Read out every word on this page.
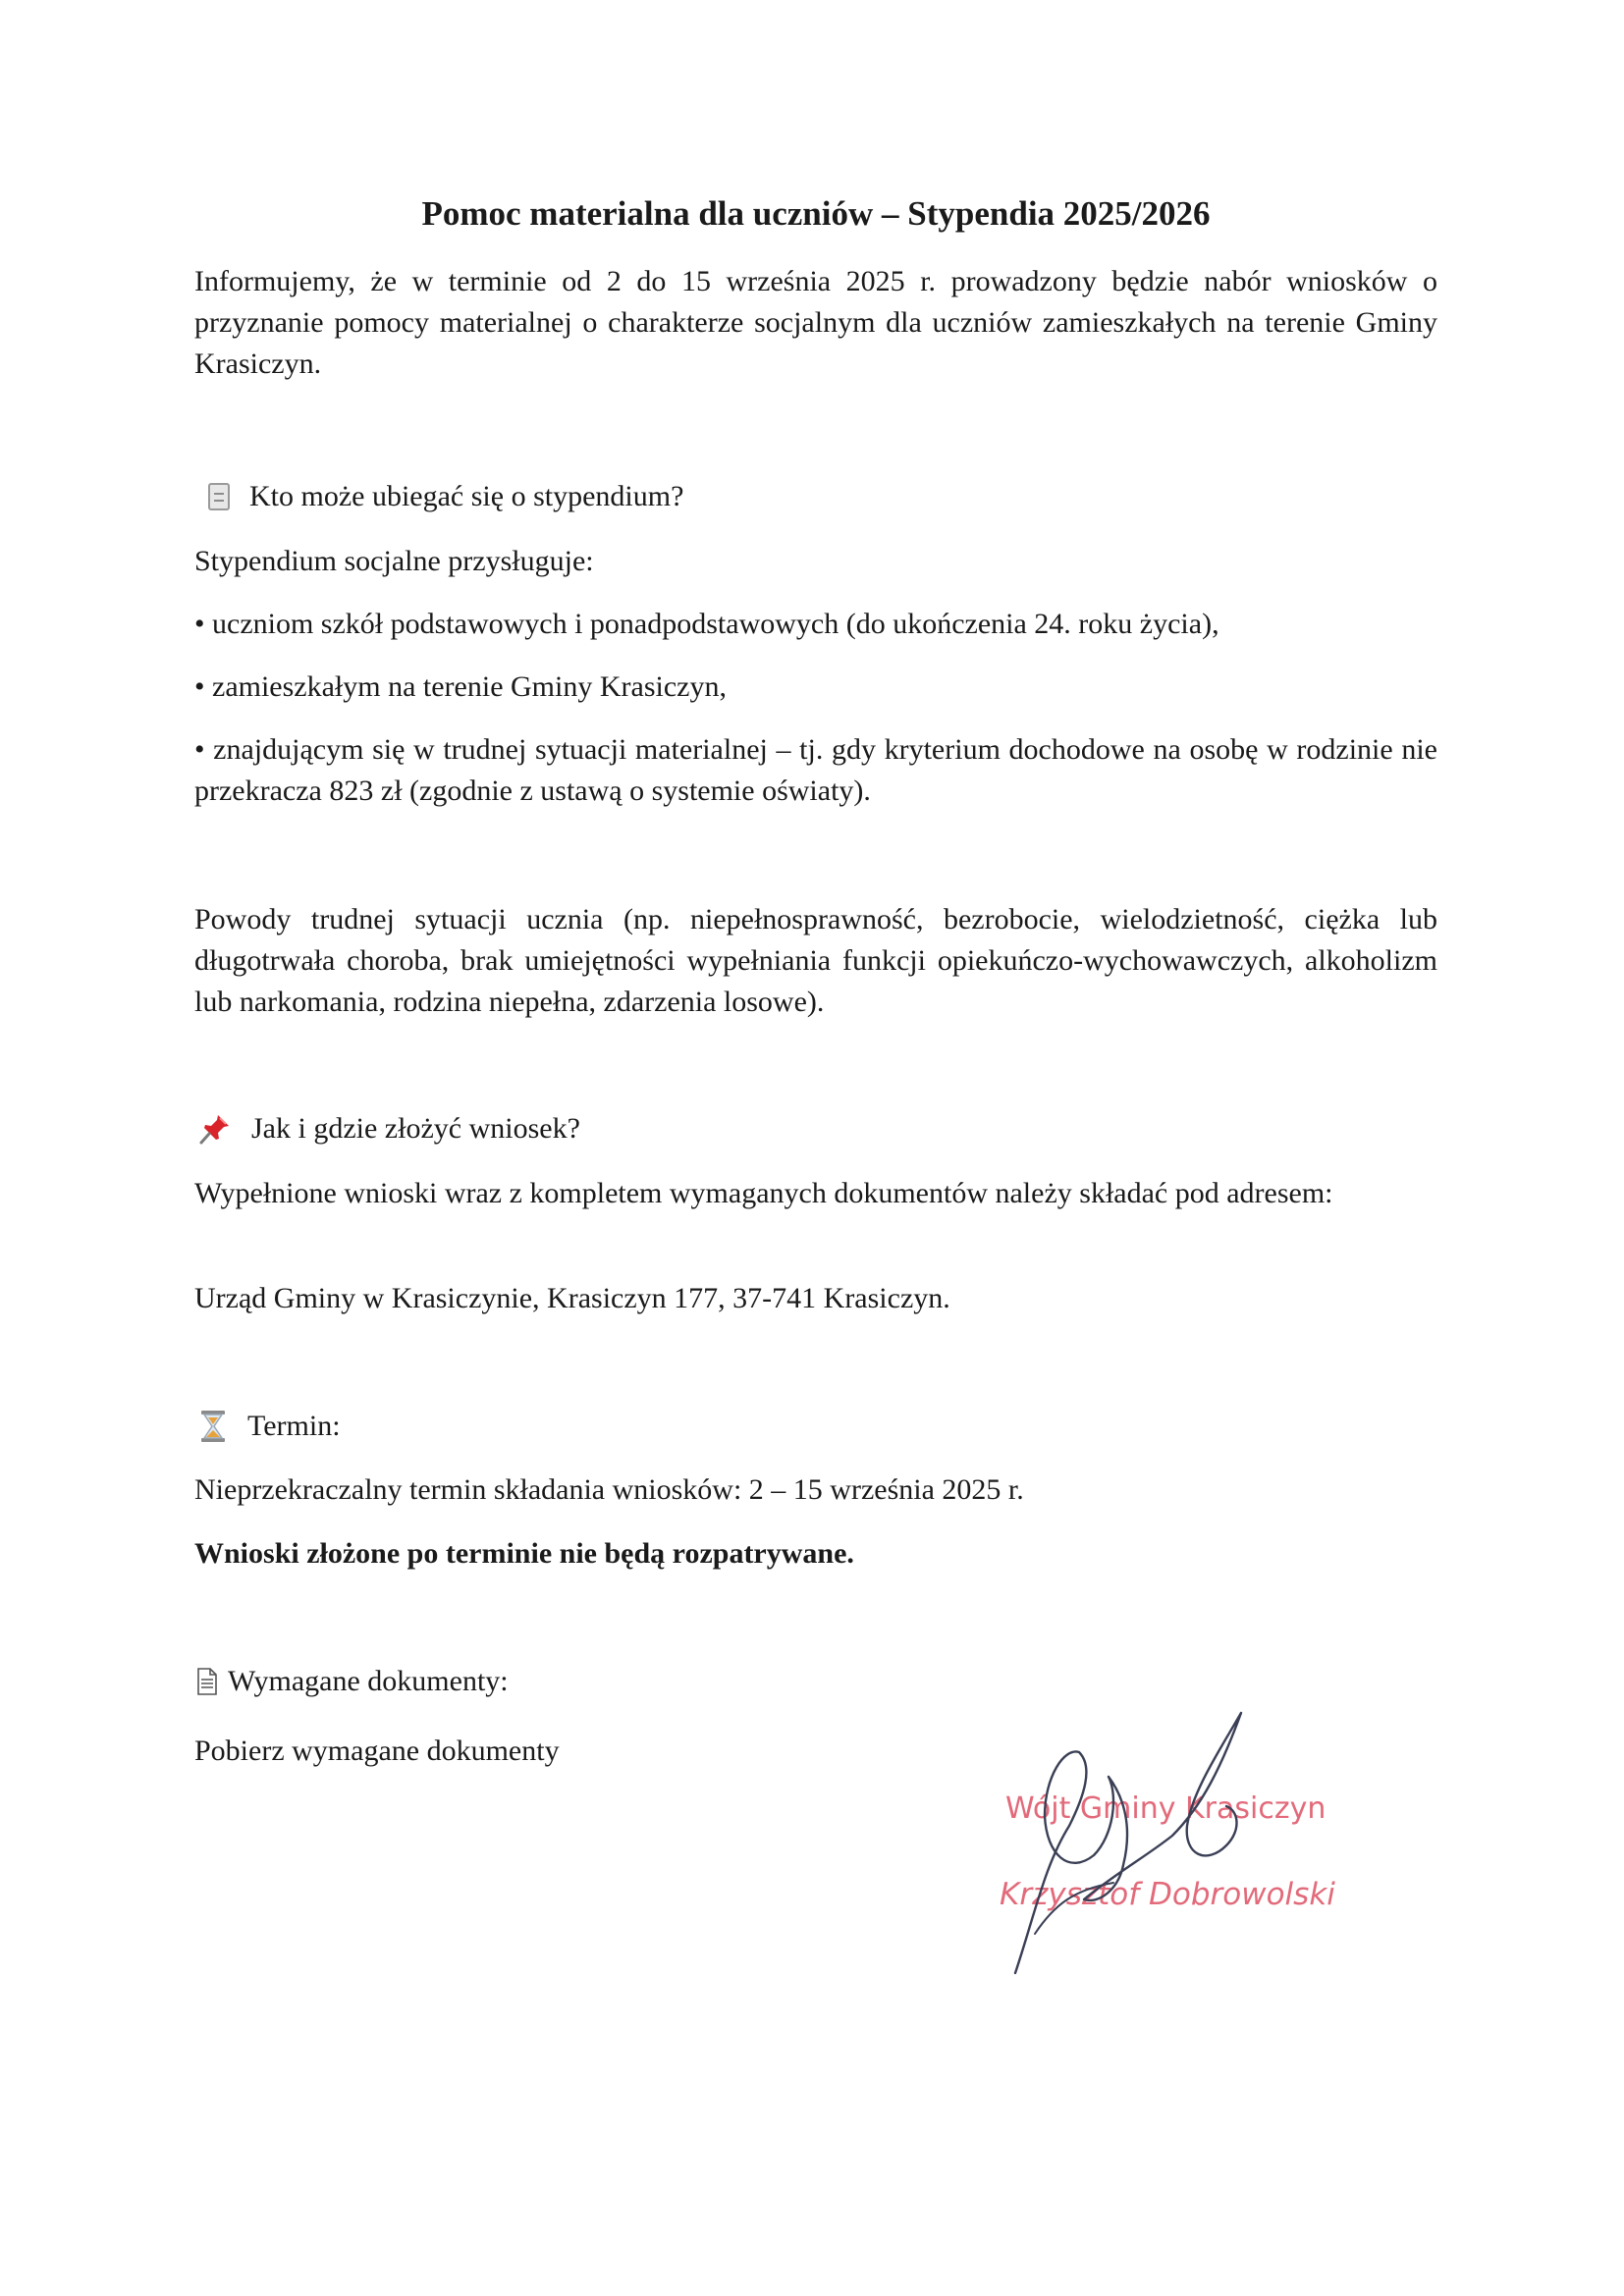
Pomoc materialna dla uczniów – Stypendia 2025/2026

Informujemy, że w terminie od 2 do 15 września 2025 r. prowadzony będzie nabór wniosków o przyznanie pomocy materialnej o charakterze socjalnym dla uczniów zamieszkałych na terenie Gminy Krasiczyn.

Kto może ubiegać się o stypendium?

Stypendium socjalne przysługuje:

• uczniom szkół podstawowych i ponadpodstawowych (do ukończenia 24. roku życia),

• zamieszkałym na terenie Gminy Krasiczyn,

• znajdującym się w trudnej sytuacji materialnej – tj. gdy kryterium dochodowe na osobę w rodzinie nie przekracza 823 zł (zgodnie z ustawą o systemie oświaty).

Powody trudnej sytuacji ucznia (np. niepełnosprawność, bezrobocie, wielodzietność, ciężka lub długotrwała choroba, brak umiejętności wypełniania funkcji opiekuńczo-wychowawczych, alkoholizm lub narkomania, rodzina niepełna, zdarzenia losowe).

Jak i gdzie złożyć wniosek?

Wypełnione wnioski wraz z kompletem wymaganych dokumentów należy składać pod adresem:

Urząd Gminy w Krasiczynie, Krasiczyn 177, 37-741 Krasiczyn.

Termin:

Nieprzekraczalny termin składania wniosków: 2 – 15 września 2025 r.

Wnioski złożone po terminie nie będą rozpatrywane.

Wymagane dokumenty:

Pobierz wymagane dokumenty

Wójt Gminy Krasiczyn
Krzysztof Dobrowolski
